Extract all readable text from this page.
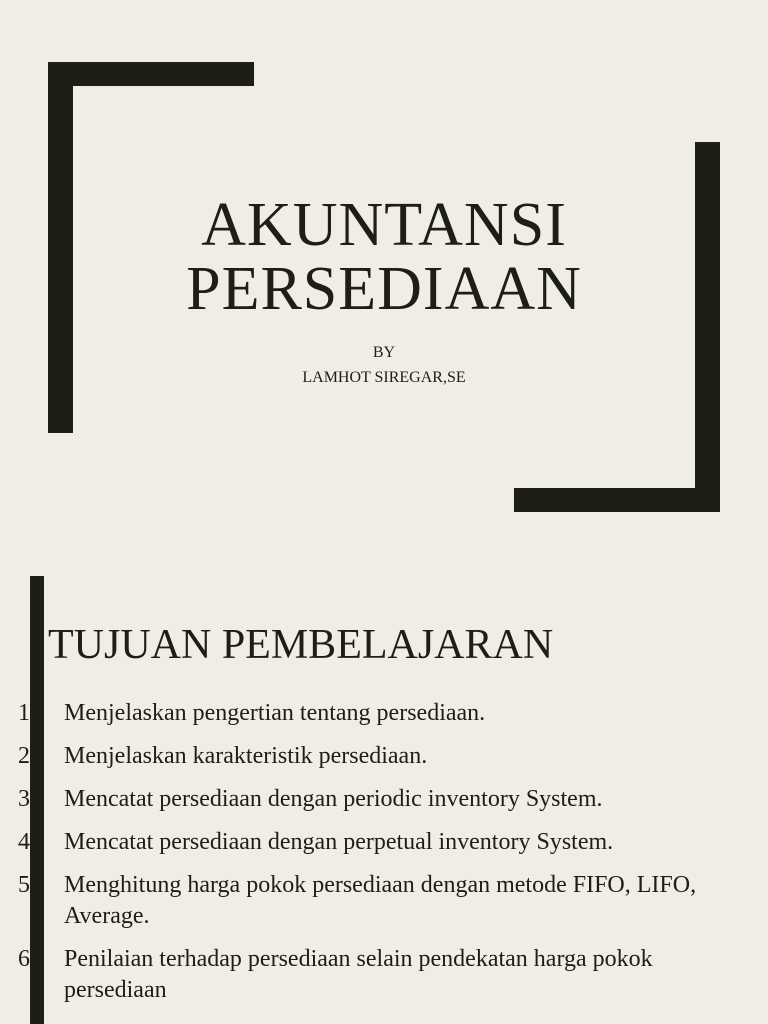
AKUNTANSI
PERSEDIAAN
BY
LAMHOT SIREGAR,SE
TUJUAN PEMBELAJARAN
1. Menjelaskan pengertian tentang persediaan.
2. Menjelaskan karakteristik persediaan.
3. Mencatat persediaan dengan periodic inventory System.
4. Mencatat persediaan dengan perpetual inventory System.
5. Menghitung harga pokok persediaan dengan metode FIFO, LIFO, Average.
6. Penilaian terhadap persediaan selain pendekatan harga pokok persediaan
